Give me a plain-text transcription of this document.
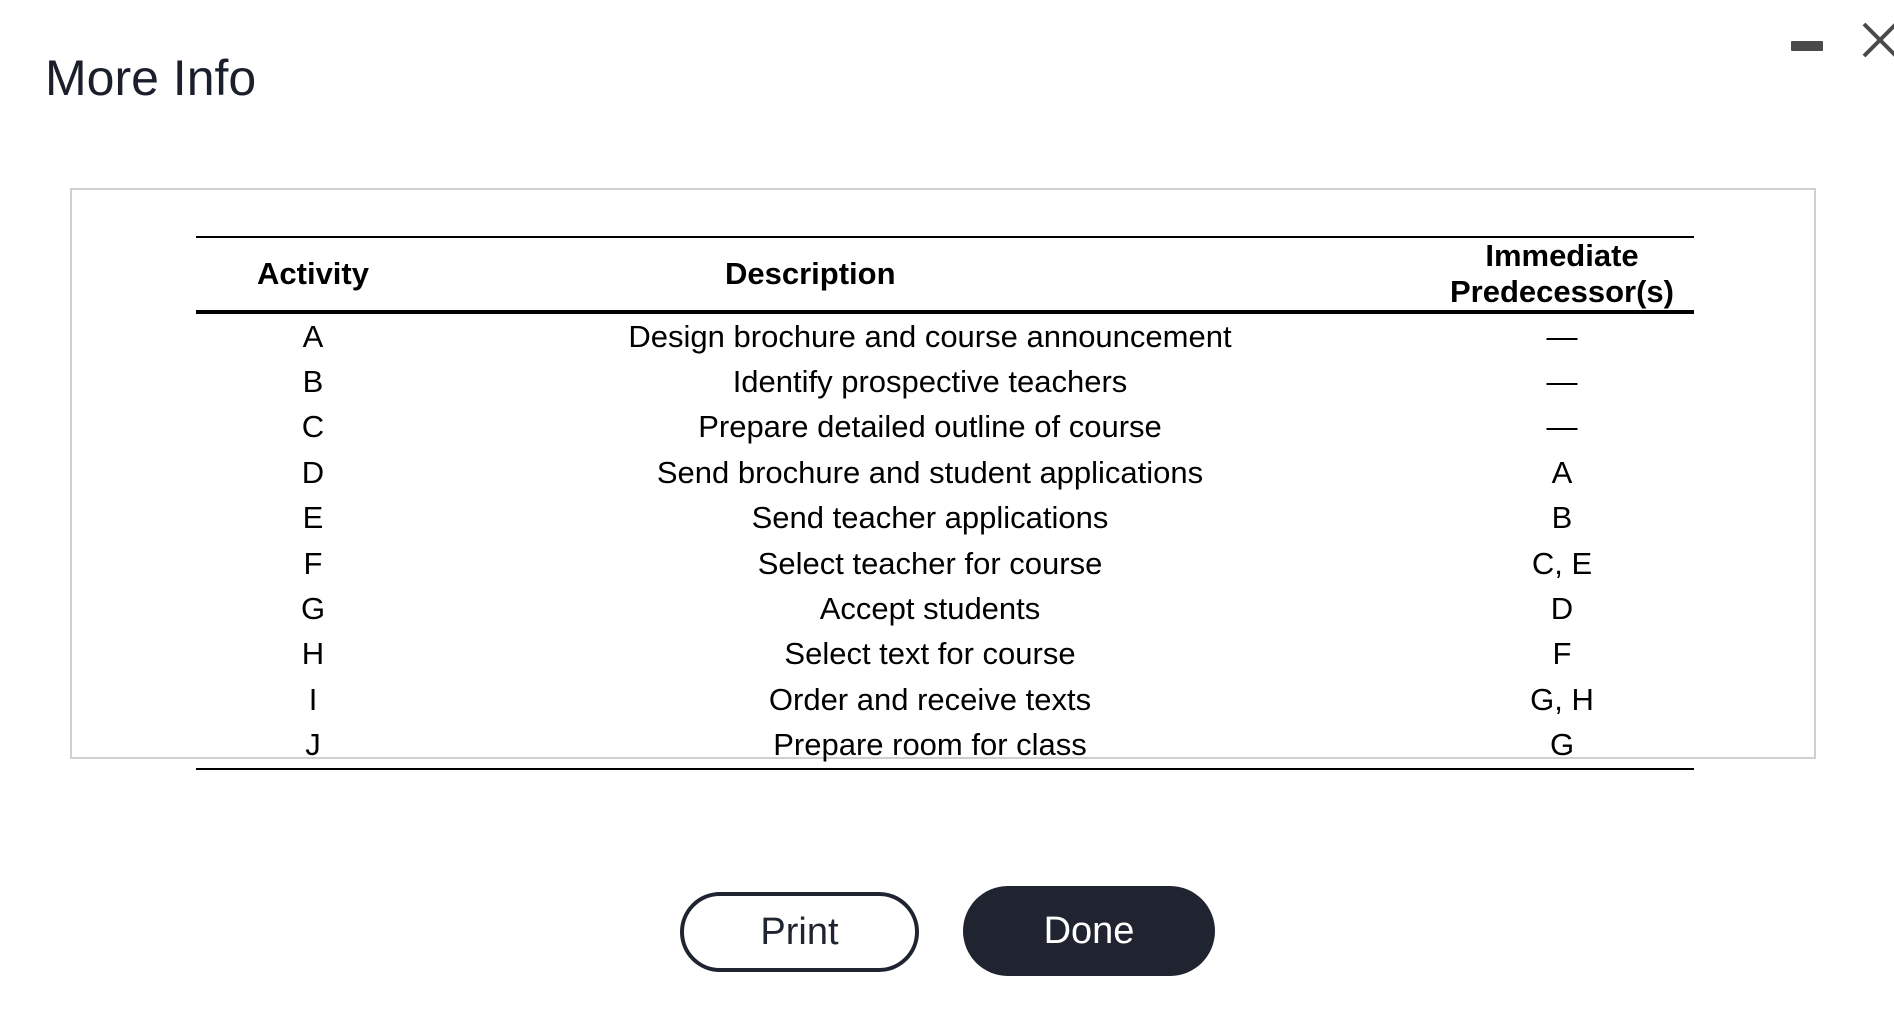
More Info
Activity	Description	Immediate Predecessor(s)
A	Design brochure and course announcement	—
B	Identify prospective teachers	—
C	Prepare detailed outline of course	—
D	Send brochure and student applications	A
E	Send teacher applications	B
F	Select teacher for course	C, E
G	Accept students	D
H	Select text for course	F
I	Order and receive texts	G, H
J	Prepare room for class	G
Print	Done
